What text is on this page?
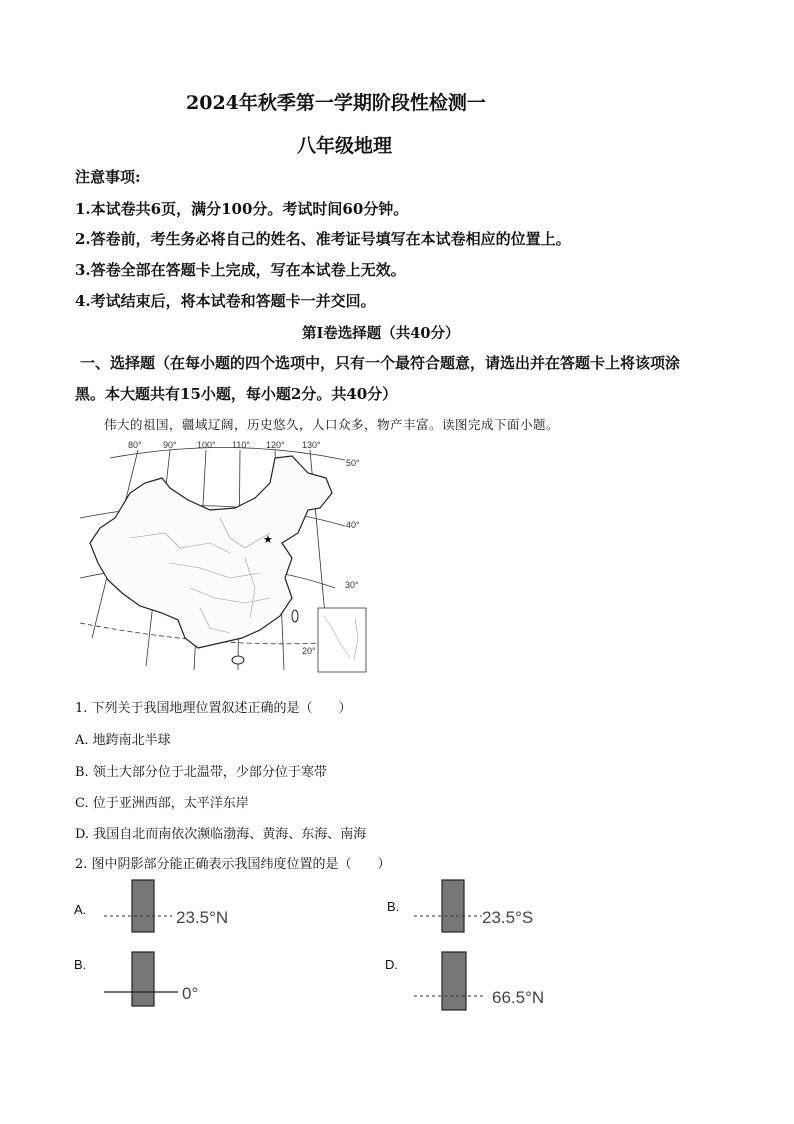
2024年秋季第一学期阶段性检测一
八年级地理
注意事项:
1.本试卷共6页，满分100分。考试时间60分钟。
2.答卷前，考生务必将自己的姓名、准考证号填写在本试卷相应的位置上。
3.答卷全部在答题卡上完成，写在本试卷上无效。
4.考试结束后，将本试卷和答题卡一并交回。
第I卷选择题（共40分）
一、选择题（在每小题的四个选项中，只有一个最符合题意，请选出并在答题卡上将该项涂
黑。本大题共有15小题，每小题2分。共40分）
伟大的祖国，疆域辽阔，历史悠久，人口众多，物产丰富。读图完成下面小题。
★
80° 90° 100° 110° 120° 130°
50°
40°
30°
20°
1. 下列关于我国地理位置叙述正确的是（　　）
A. 地跨南北半球
B. 领土大部分位于北温带，少部分位于寒带
C. 位于亚洲西部，太平洋东岸
D. 我国自北而南依次濒临渤海、黄海、东海、南海
2. 图中阴影部分能正确表示我国纬度位置的是（　　）
A.	23.5°N
B.
23.5°S
B.
0°
D.
66.5°N
